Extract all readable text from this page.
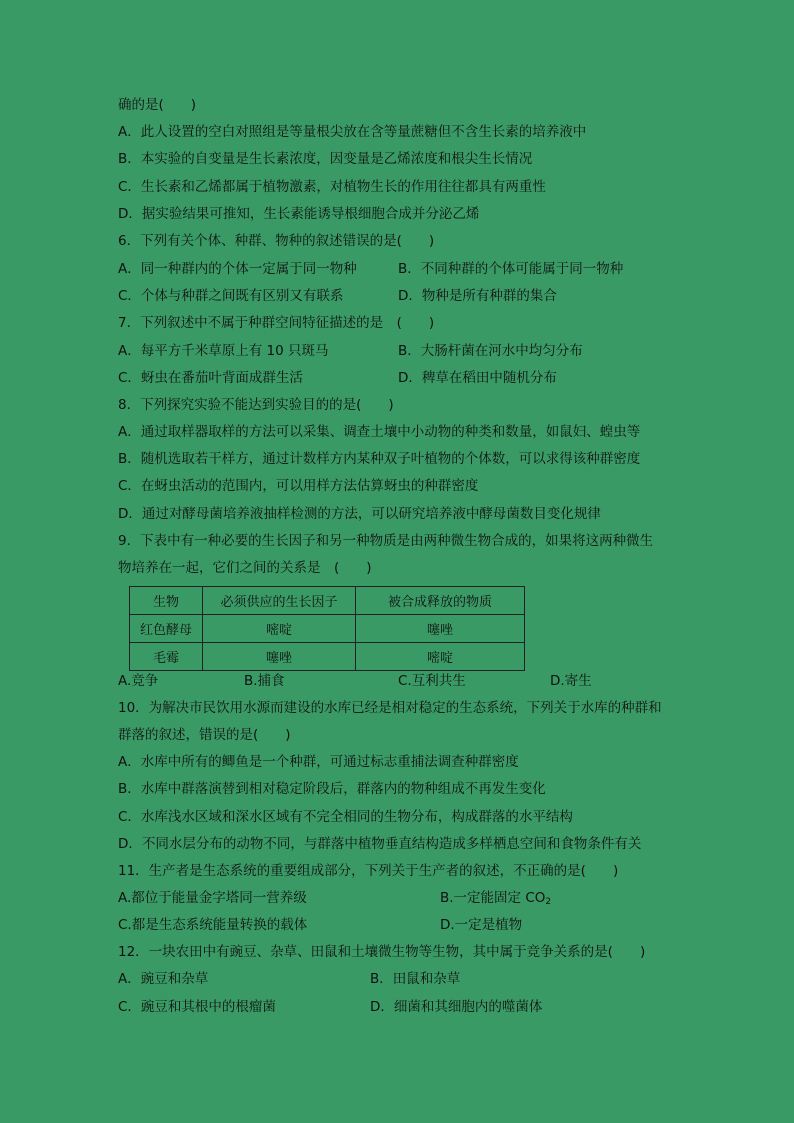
确的是(　　)
A．此人设置的空白对照组是等量根尖放在含等量蔗糖但不含生长素的培养液中
B．本实验的自变量是生长素浓度，因变量是乙烯浓度和根尖生长情况
C．生长素和乙烯都属于植物激素，对植物生长的作用往往都具有两重性
D．据实验结果可推知，生长素能诱导根细胞合成并分泌乙烯
6．下列有关个体、种群、物种的叙述错误的是(　　)
A．同一种群内的个体一定属于同一物种	B．不同种群的个体可能属于同一物种
C．个体与种群之间既有区别又有联系	D．物种是所有种群的集合
7．下列叙述中不属于种群空间特征描述的是　(　　)
A．每平方千米草原上有 10 只斑马	B．大肠杆菌在河水中均匀分布
C．蚜虫在番茄叶背面成群生活	D．稗草在稻田中随机分布
8．下列探究实验不能达到实验目的的是(　　)
A．通过取样器取样的方法可以采集、调查土壤中小动物的种类和数量，如鼠妇、蝗虫等
B．随机选取若干样方，通过计数样方内某种双子叶植物的个体数，可以求得该种群密度
C．在蚜虫活动的范围内，可以用样方法估算蚜虫的种群密度
D．通过对酵母菌培养液抽样检测的方法，可以研究培养液中酵母菌数目变化规律
9．下表中有一种必要的生长因子和另一种物质是由两种微生物合成的，如果将这两种微生
物培养在一起，它们之间的关系是　(　　)
生物	必须供应的生长因子	被合成释放的物质
红色酵母	嘧啶	噻唑
毛霉	噻唑	嘧啶
A.竞争	B.捕食	C.互利共生	D.寄生
10．为解决市民饮用水源而建设的水库已经是相对稳定的生态系统，下列关于水库的种群和
群落的叙述，错误的是(　　)
A．水库中所有的鲫鱼是一个种群，可通过标志重捕法调查种群密度
B．水库中群落演替到相对稳定阶段后，群落内的物种组成不再发生变化
C．水库浅水区域和深水区域有不完全相同的生物分布，构成群落的水平结构
D．不同水层分布的动物不同，与群落中植物垂直结构造成多样栖息空间和食物条件有关
11．生产者是生态系统的重要组成部分，下列关于生产者的叙述，不正确的是(　　)
A.都位于能量金字塔同一营养级	B.一定能固定 $CO_2$
C.都是生态系统能量转换的载体	D.一定是植物
12．一块农田中有豌豆、杂草、田鼠和土壤微生物等生物，其中属于竞争关系的是(　　)
A．豌豆和杂草	B．田鼠和杂草
C．豌豆和其根中的根瘤菌	D．细菌和其细胞内的噬菌体
